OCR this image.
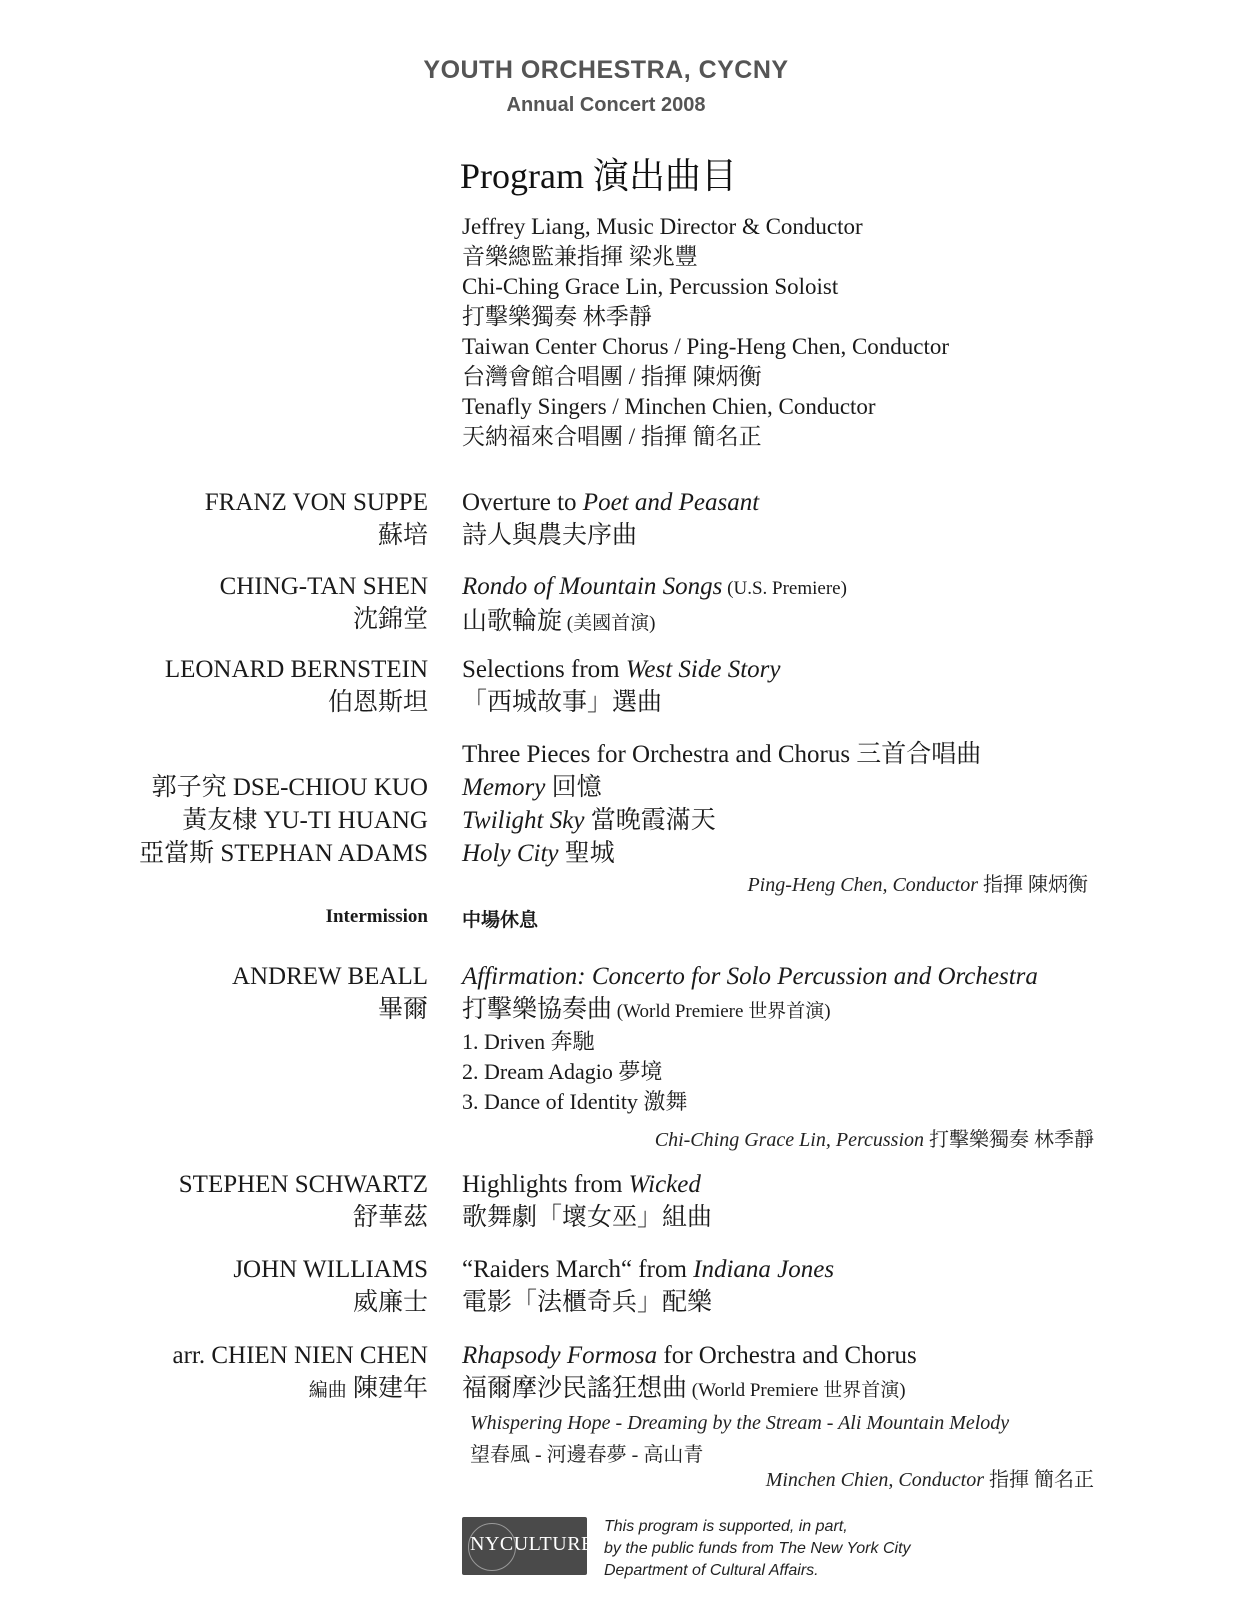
YOUTH ORCHESTRA, CYCNY
Annual Concert 2008
Program 演出曲目
Jeffrey Liang, Music Director & Conductor
音樂總監兼指揮 梁兆豐
Chi-Ching Grace Lin, Percussion Soloist
打擊樂獨奏 林季靜
Taiwan Center Chorus / Ping-Heng Chen, Conductor
台灣會館合唱團 / 指揮 陳炳衡
Tenafly Singers / Minchen Chien, Conductor
天納福來合唱團 / 指揮 簡名正
FRANZ VON SUPPE
蘇培
Overture to Poet and Peasant
詩人與農夫序曲
CHING-TAN SHEN
沈錦堂
Rondo of Mountain Songs (U.S. Premiere)
山歌輪旋 (美國首演)
LEONARD BERNSTEIN
伯恩斯坦
Selections from West Side Story
「西城故事」選曲
Three Pieces for Orchestra and Chorus 三首合唱曲
郭子究 DSE-CHIOU KUO
黃友棣 YU-TI HUANG
亞當斯 STEPHAN ADAMS
Memory 回憶
Twilight Sky 當晚霞滿天
Holy City 聖城
Ping-Heng Chen, Conductor 指揮 陳炳衡
Intermission 中場休息
ANDREW BEALL
畢爾
Affirmation: Concerto for Solo Percussion and Orchestra
打擊樂協奏曲 (World Premiere 世界首演)
1. Driven 奔馳
2. Dream Adagio 夢境
3. Dance of Identity 激舞
Chi-Ching Grace Lin, Percussion 打擊樂獨奏 林季靜
STEPHEN SCHWARTZ
舒華茲
Highlights from Wicked
歌舞劇「壞女巫」組曲
JOHN WILLIAMS
威廉士
“Raiders March“ from Indiana Jones
電影「法櫃奇兵」配樂
arr. CHIEN NIEN CHEN
編曲 陳建年
Rhapsody Formosa for Orchestra and Chorus
福爾摩沙民謠狂想曲 (World Premiere 世界首演)
Whispering Hope - Dreaming by the Stream - Ali Mountain Melody
望春風 - 河邊春夢 - 高山青
Minchen Chien, Conductor 指揮 簡名正
NYCULTURE
This program is supported, in part,
by the public funds from The New York City
Department of Cultural Affairs.
